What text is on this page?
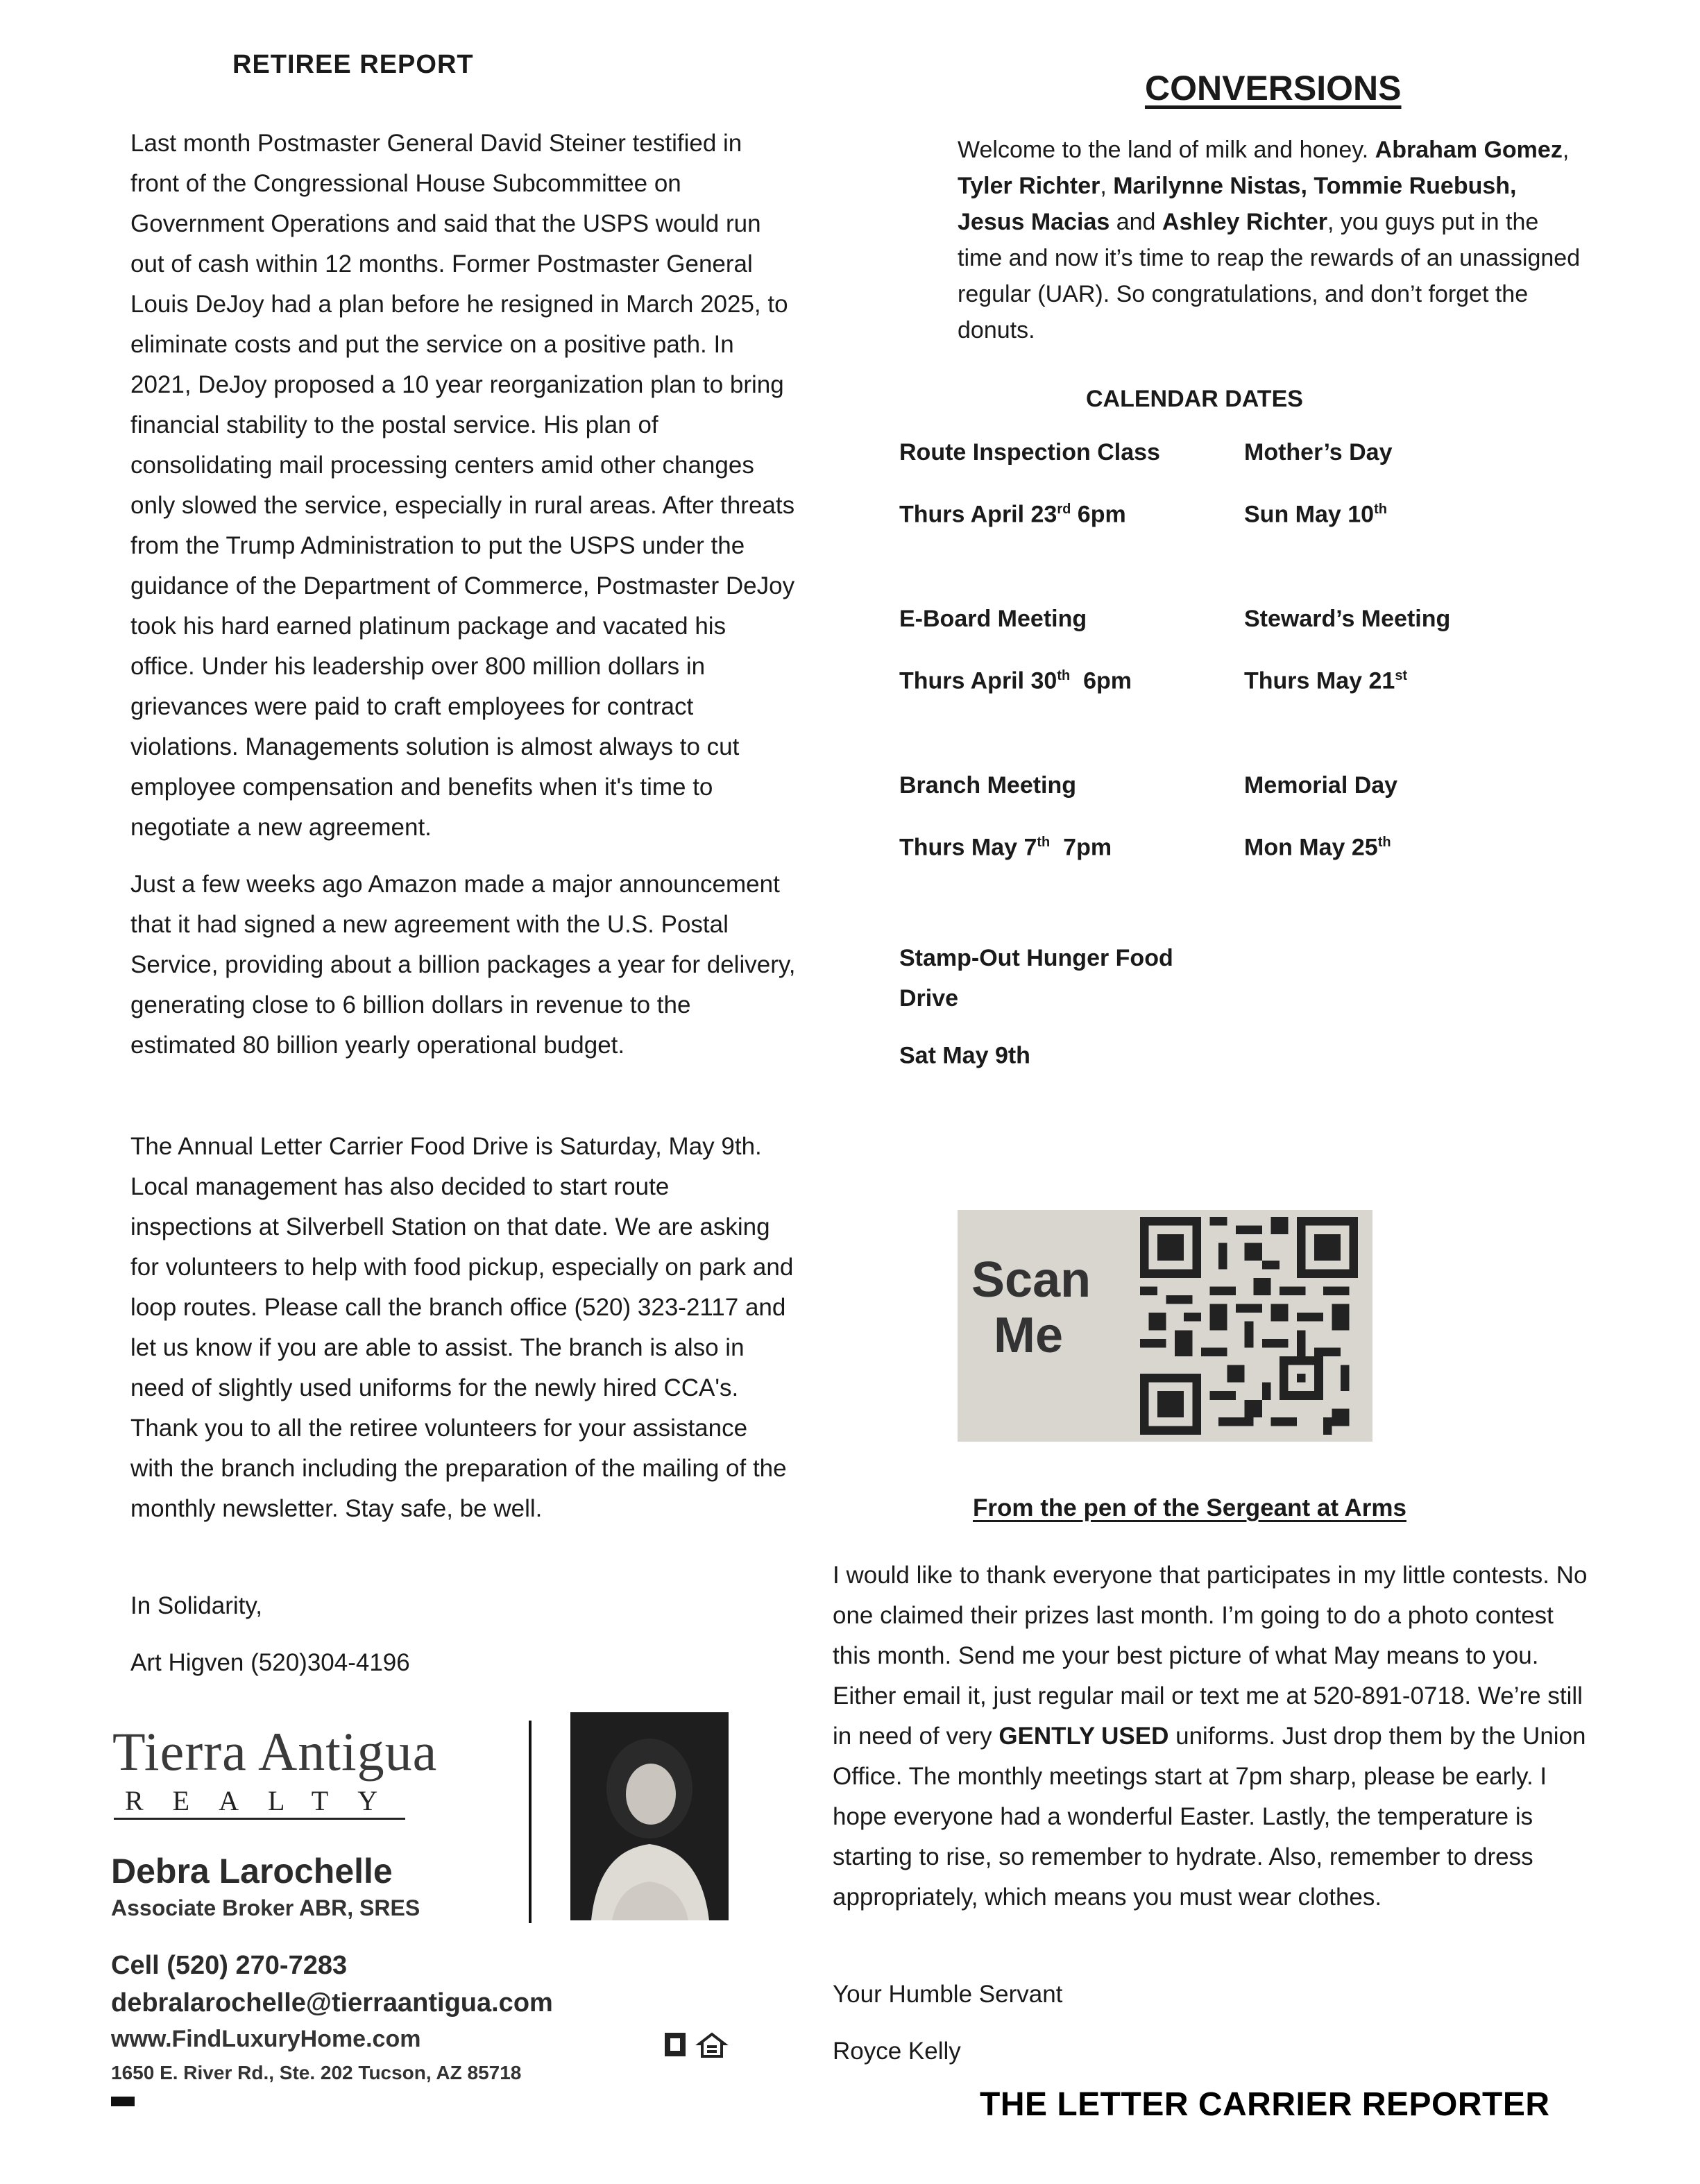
RETIREE REPORT

Last month Postmaster General David Steiner testified in front of the Congressional House Subcommittee on Government Operations and said that the USPS would run out of cash within 12 months. Former Postmaster General Louis DeJoy had a plan before he resigned in March 2025, to eliminate costs and put the service on a positive path. In 2021, DeJoy proposed a 10 year reorganization plan to bring financial stability to the postal service. His plan of consolidating mail processing centers amid other changes only slowed the service, especially in rural areas. After threats from the Trump Administration to put the USPS under the guidance of the Department of Commerce, Postmaster DeJoy took his hard earned platinum package and vacated his office. Under his leadership over 800 million dollars in grievances were paid to craft employees for contract violations. Managements solution is almost always to cut employee compensation and benefits when it's time to negotiate a new agreement.

Just a few weeks ago Amazon made a major announcement that it had signed a new agreement with the U.S. Postal Service, providing about a billion packages a year for delivery, generating close to 6 billion dollars in revenue to the estimated 80 billion yearly operational budget.

The Annual Letter Carrier Food Drive is Saturday, May 9th. Local management has also decided to start route inspections at Silverbell Station on that date. We are asking for volunteers to help with food pickup, especially on park and loop routes. Please call the branch office (520) 323-2117 and let us know if you are able to assist. The branch is also in need of slightly used uniforms for the newly hired CCA's. Thank you to all the retiree volunteers for your assistance with the branch including the preparation of the mailing of the monthly newsletter. Stay safe, be well.

In Solidarity,
Art Higven (520)304-4196
Tierra Antigua
REALTY
Debra Larochelle
Associate Broker ABR, SRES
Cell (520) 270-7283
debralarochelle@tierraantigua.com
www.FindLuxuryHome.com
1650 E. River Rd., Ste. 202 Tucson, AZ 85718
CONVERSIONS

Welcome to the land of milk and honey. Abraham Gomez, Tyler Richter, Marilynne Nistas, Tommie Ruebush, Jesus Macias and Ashley Richter, you guys put in the time and now it’s time to reap the rewards of an unassigned regular (UAR). So congratulations, and don’t forget the donuts.

CALENDAR DATES
Route Inspection Class
Thurs April 23rd 6pm
Mother’s Day
Sun May 10th
E-Board Meeting
Thurs April 30th  6pm
Steward’s Meeting
Thurs May 21st
Branch Meeting
Thurs May 7th  7pm
Memorial Day
Mon May 25th
Stamp-Out Hunger Food Drive
Sat May 9th
Scan
Me
From the pen of the Sergeant at Arms

I would like to thank everyone that participates in my little contests. No one claimed their prizes last month. I’m going to do a photo contest this month. Send me your best picture of what May means to you. Either email it, just regular mail or text me at 520-891-0718. We’re still in need of very GENTLY USED uniforms. Just drop them by the Union Office. The monthly meetings start at 7pm sharp, please be early. I hope everyone had a wonderful Easter. Lastly, the temperature is starting to rise, so remember to hydrate. Also, remember to dress appropriately, which means you must wear clothes.

Your Humble Servant
Royce Kelly
THE LETTER CARRIER REPORTER
